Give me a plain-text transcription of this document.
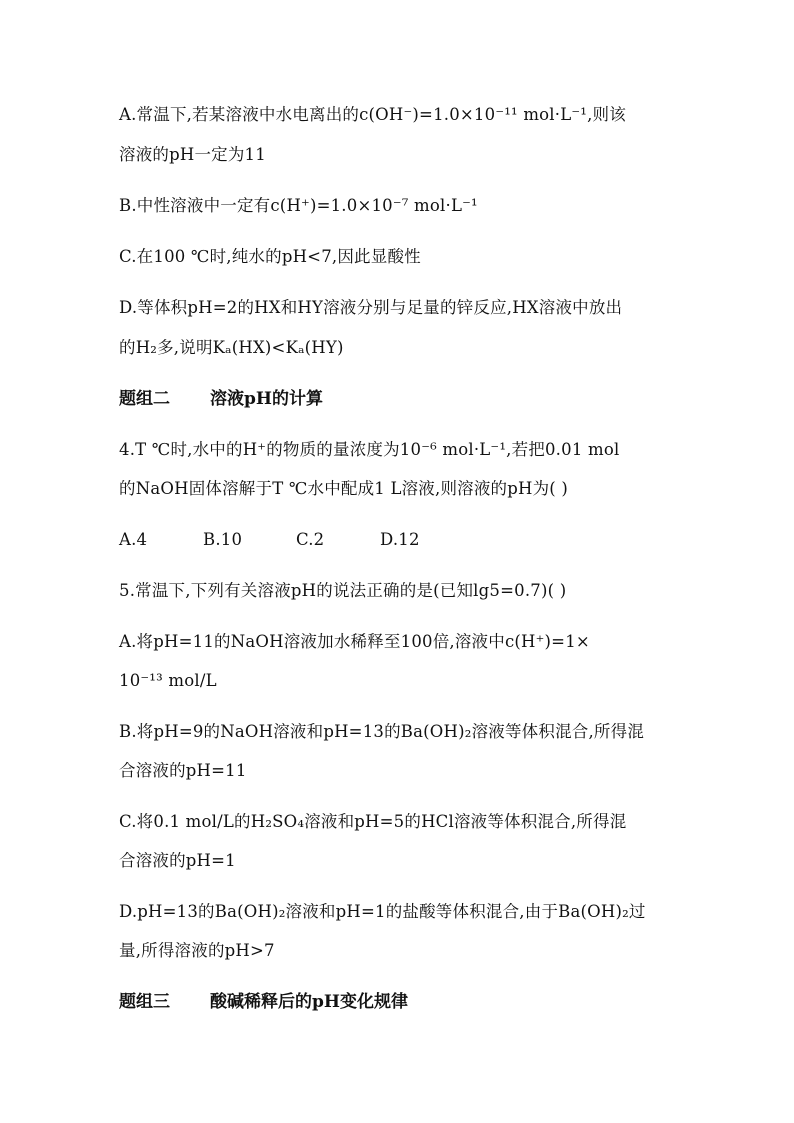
A.常温下,若某溶液中水电离出的c(OH⁻)=1.0×10⁻¹¹ mol·L⁻¹,则该
溶液的pH一定为11
B.中性溶液中一定有c(H⁺)=1.0×10⁻⁷ mol·L⁻¹
C.在100 ℃时,纯水的pH<7,因此显酸性
D.等体积pH=2的HX和HY溶液分别与足量的锌反应,HX溶液中放出
的H₂多,说明Kₐ(HX)<Kₐ(HY)
题组二 溶液pH的计算
4.T ℃时,水中的H⁺的物质的量浓度为10⁻⁶ mol·L⁻¹,若把0.01 mol
的NaOH固体溶解于T ℃水中配成1 L溶液,则溶液的pH为( )
A.4	B.10	C.2	D.12
5.常温下,下列有关溶液pH的说法正确的是(已知lg5=0.7)( )
A.将pH=11的NaOH溶液加水稀释至100倍,溶液中c(H⁺)=1×
10⁻¹³ mol/L
B.将pH=9的NaOH溶液和pH=13的Ba(OH)₂溶液等体积混合,所得混
合溶液的pH=11
C.将0.1 mol/L的H₂SO₄溶液和pH=5的HCl溶液等体积混合,所得混
合溶液的pH=1
D.pH=13的Ba(OH)₂溶液和pH=1的盐酸等体积混合,由于Ba(OH)₂过
量,所得溶液的pH>7
题组三 酸碱稀释后的pH变化规律
